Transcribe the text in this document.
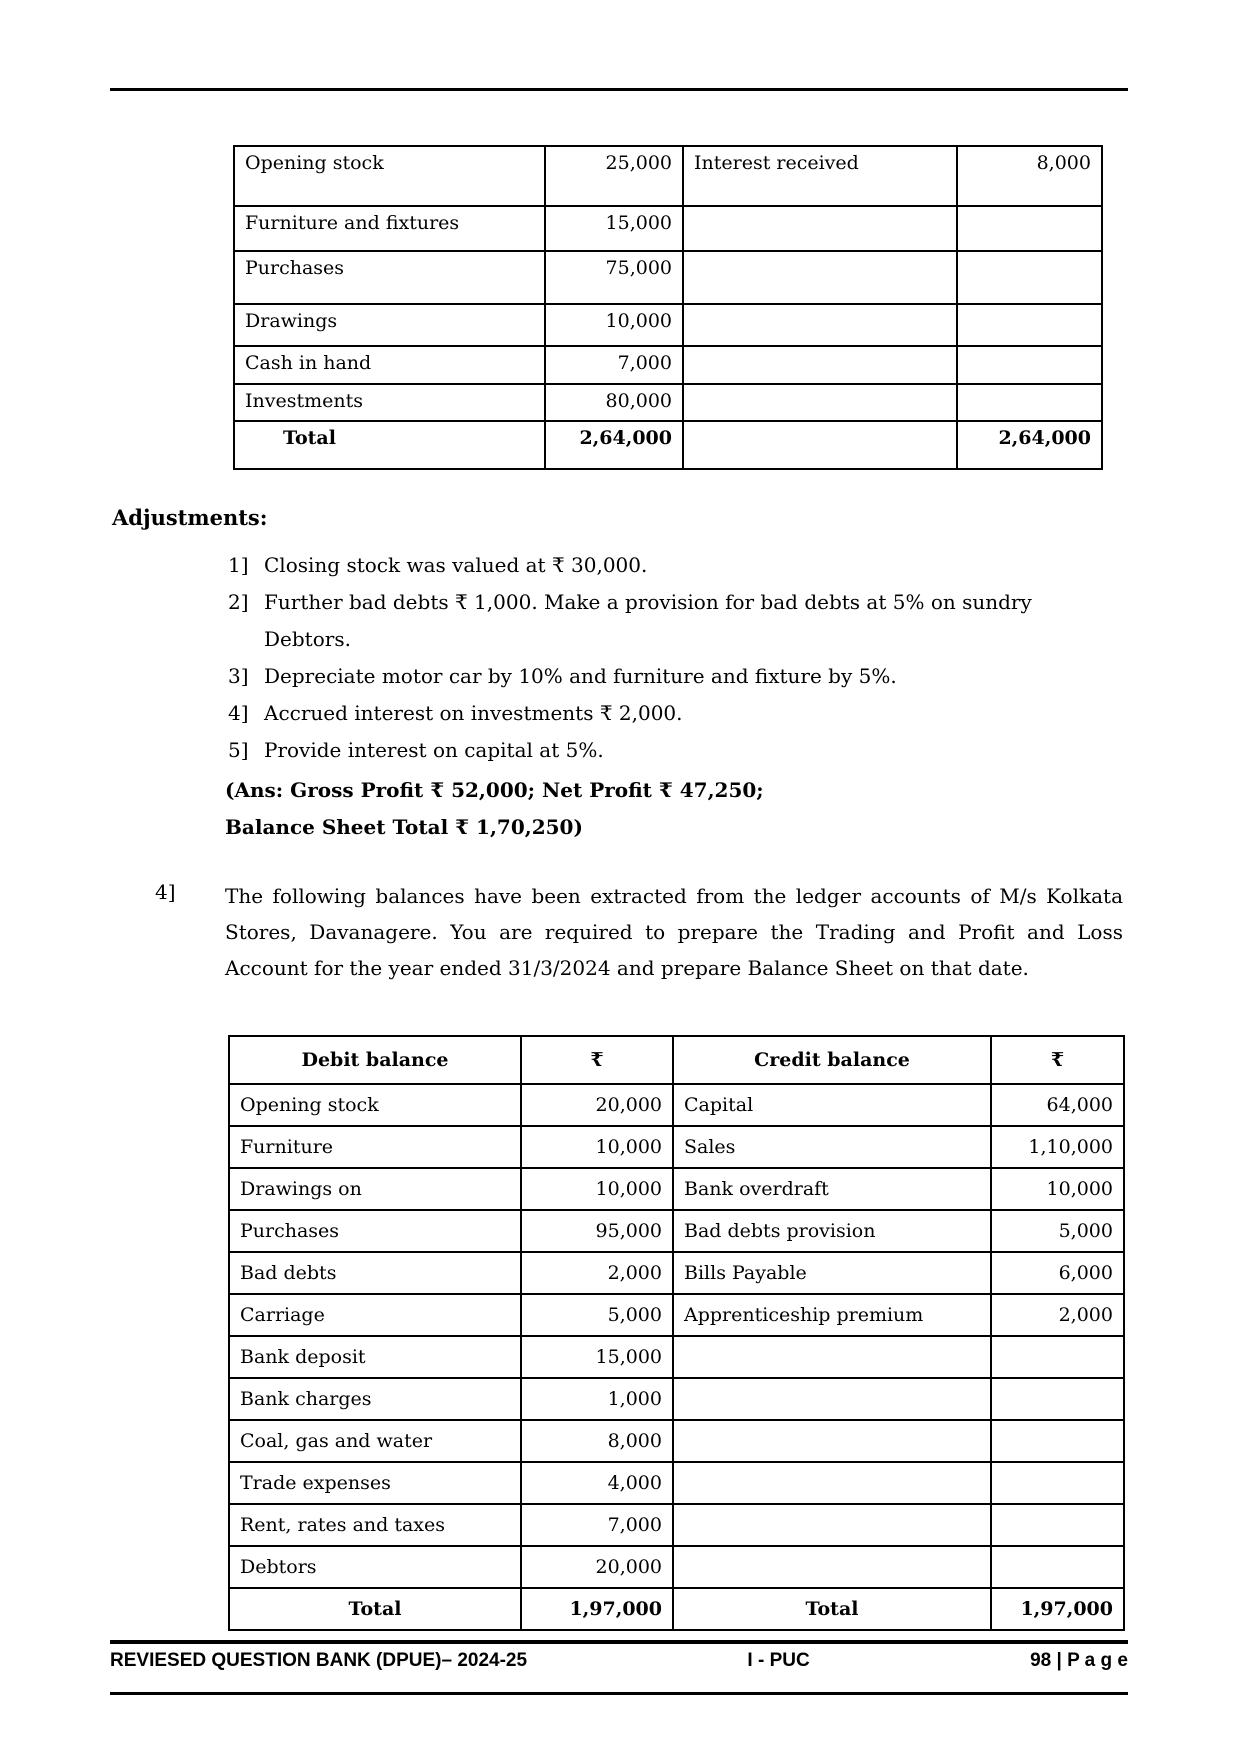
Opening stock	25,000	Interest received	8,000
Furniture and fixtures	15,000		
Purchases	75,000		
Drawings	10,000		
Cash in hand	7,000		
Investments	80,000		
Total	2,64,000		2,64,000
Adjustments:
1] Closing stock was valued at ₹ 30,000.
2] Further bad debts ₹ 1,000. Make a provision for bad debts at 5% on sundry Debtors.
3] Depreciate motor car by 10% and furniture and fixture by 5%.
4] Accrued interest on investments ₹ 2,000.
5] Provide interest on capital at 5%.
(Ans: Gross Profit ₹ 52,000; Net Profit ₹ 47,250;
Balance Sheet Total ₹ 1,70,250)
4] The following balances have been extracted from the ledger accounts of M/s Kolkata Stores, Davanagere. You are required to prepare the Trading and Profit and Loss Account for the year ended 31/3/2024 and prepare Balance Sheet on that date.
Debit balance	₹	Credit balance	₹
Opening stock	20,000	Capital	64,000
Furniture	10,000	Sales	1,10,000
Drawings on	10,000	Bank overdraft	10,000
Purchases	95,000	Bad debts provision	5,000
Bad debts	2,000	Bills Payable	6,000
Carriage	5,000	Apprenticeship premium	2,000
Bank deposit	15,000		
Bank charges	1,000		
Coal, gas and water	8,000		
Trade expenses	4,000		
Rent, rates and taxes	7,000		
Debtors	20,000		
Total	1,97,000	Total	1,97,000
REVIESED QUESTION BANK (DPUE)– 2024-25	I - PUC	98 | P a g e
